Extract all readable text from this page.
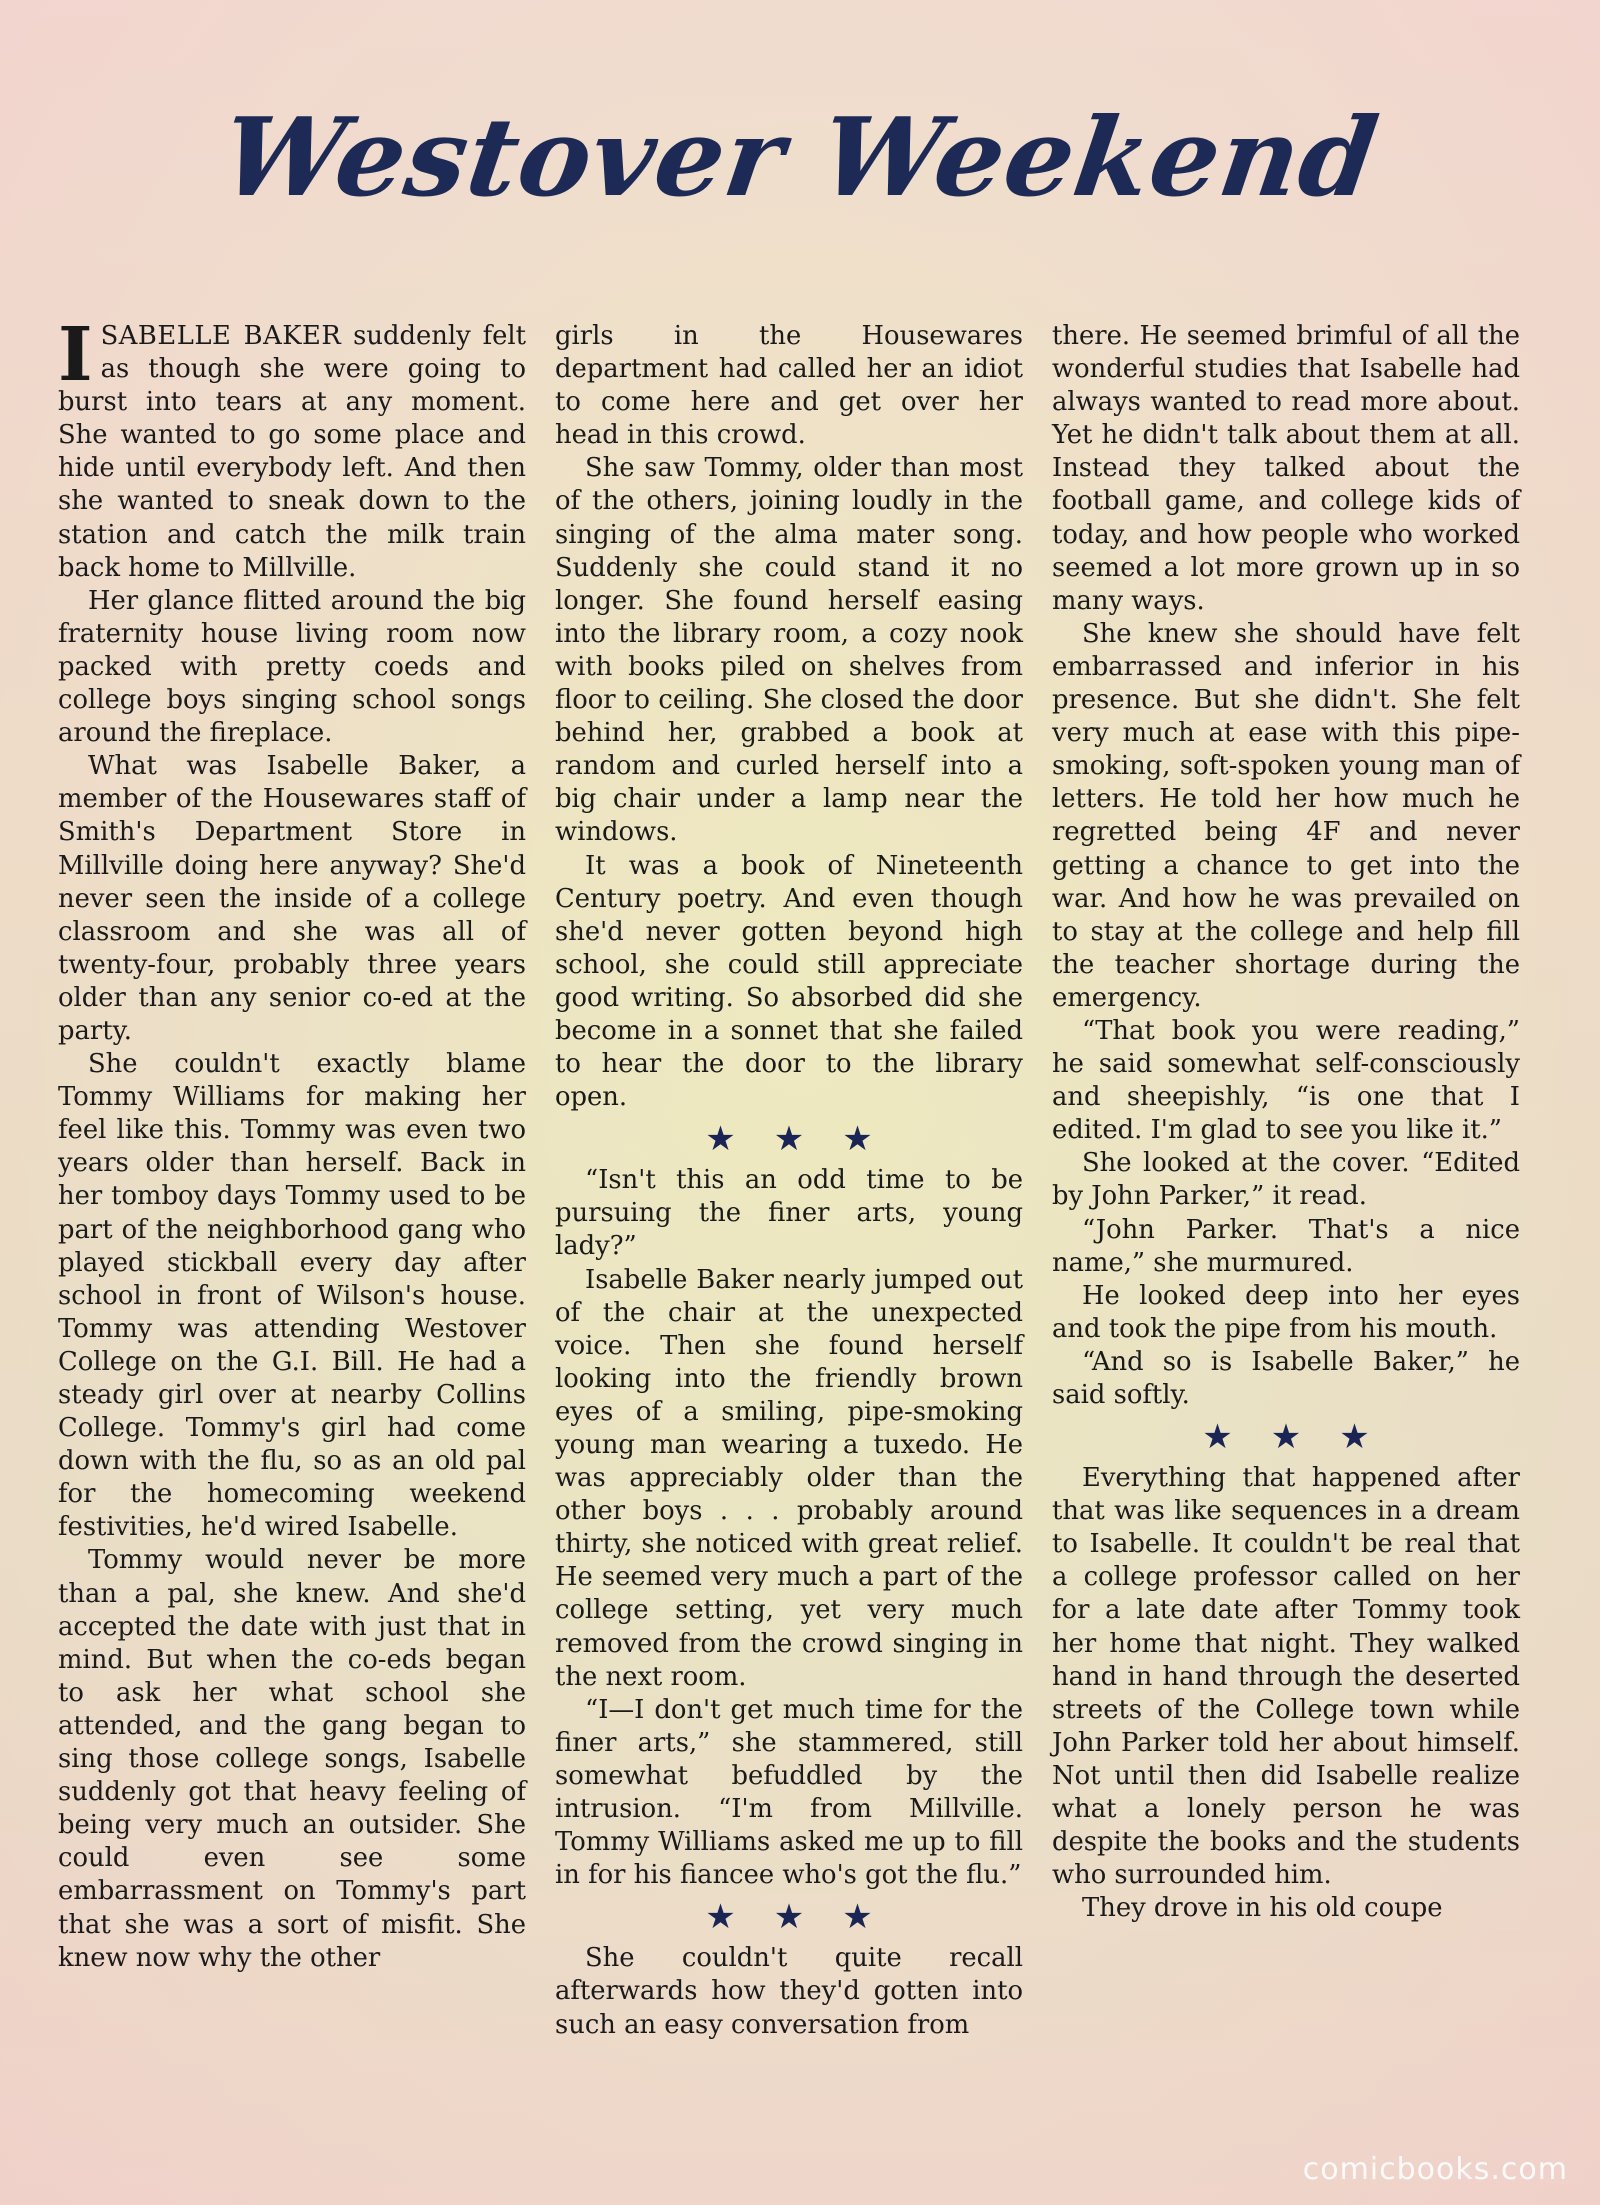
Westover Weekend

ISABELLE BAKER suddenly felt as though she were going to burst into tears at any moment. She wanted to go some place and hide until everybody left. And then she wanted to sneak down to the station and catch the milk train back home to Millville.

Her glance flitted around the big fraternity house living room now packed with pretty coeds and college boys singing school songs around the fireplace.

What was Isabelle Baker, a member of the Housewares staff of Smith's Department Store in Millville doing here anyway? She'd never seen the inside of a college classroom and she was all of twenty-four, probably three years older than any senior co-ed at the party.

She couldn't exactly blame Tommy Williams for making her feel like this. Tommy was even two years older than herself. Back in her tomboy days Tommy used to be part of the neighborhood gang who played stickball every day after school in front of Wilson's house. Tommy was attending Westover College on the G.I. Bill. He had a steady girl over at nearby Collins College. Tommy's girl had come down with the flu, so as an old pal for the homecoming weekend festivities, he'd wired Isabelle.

Tommy would never be more than a pal, she knew. And she'd accepted the date with just that in mind. But when the co-eds began to ask her what school she attended, and the gang began to sing those college songs, Isabelle suddenly got that heavy feeling of being very much an outsider. She could even see some embarrassment on Tommy's part that she was a sort of misfit. She knew now why the other

girls in the Housewares department had called her an idiot to come here and get over her head in this crowd.

She saw Tommy, older than most of the others, joining loudly in the singing of the alma mater song. Suddenly she could stand it no longer. She found herself easing into the library room, a cozy nook with books piled on shelves from floor to ceiling. She closed the door behind her, grabbed a book at random and curled herself into a big chair under a lamp near the windows.

It was a book of Nineteenth Century poetry. And even though she'd never gotten beyond high school, she could still appreciate good writing. So absorbed did she become in a sonnet that she failed to hear the door to the library open.

★★★

“Isn't this an odd time to be pursuing the finer arts, young lady?”

Isabelle Baker nearly jumped out of the chair at the unexpected voice. Then she found herself looking into the friendly brown eyes of a smiling, pipe-smoking young man wearing a tuxedo. He was appreciably older than the other boys . . . probably around thirty, she noticed with great relief. He seemed very much a part of the college setting, yet very much removed from the crowd singing in the next room.

“I—I don't get much time for the finer arts,” she stammered, still somewhat befuddled by the intrusion. “I'm from Millville. Tommy Williams asked me up to fill in for his fiancee who's got the flu.”

★★★

She couldn't quite recall afterwards how they'd gotten into such an easy conversation from

there. He seemed brimful of all the wonderful studies that Isabelle had always wanted to read more about. Yet he didn't talk about them at all. Instead they talked about the football game, and college kids of today, and how people who worked seemed a lot more grown up in so many ways.

She knew she should have felt embarrassed and inferior in his presence. But she didn't. She felt very much at ease with this pipe-smoking, soft-spoken young man of letters. He told her how much he regretted being 4F and never getting a chance to get into the war. And how he was prevailed on to stay at the college and help fill the teacher shortage during the emergency.

“That book you were reading,” he said somewhat self-consciously and sheepishly, “is one that I edited. I'm glad to see you like it.”

She looked at the cover. “Edited by John Parker,” it read.

“John Parker. That's a nice name,” she murmured.

He looked deep into her eyes and took the pipe from his mouth.

“And so is Isabelle Baker,” he said softly.

★★★

Everything that happened after that was like sequences in a dream to Isabelle. It couldn't be real that a college professor called on her for a late date after Tommy took her home that night. They walked hand in hand through the deserted streets of the College town while John Parker told her about himself. Not until then did Isabelle realize what a lonely person he was despite the books and the students who surrounded him.

They drove in his old coupe

comicbooks.com
